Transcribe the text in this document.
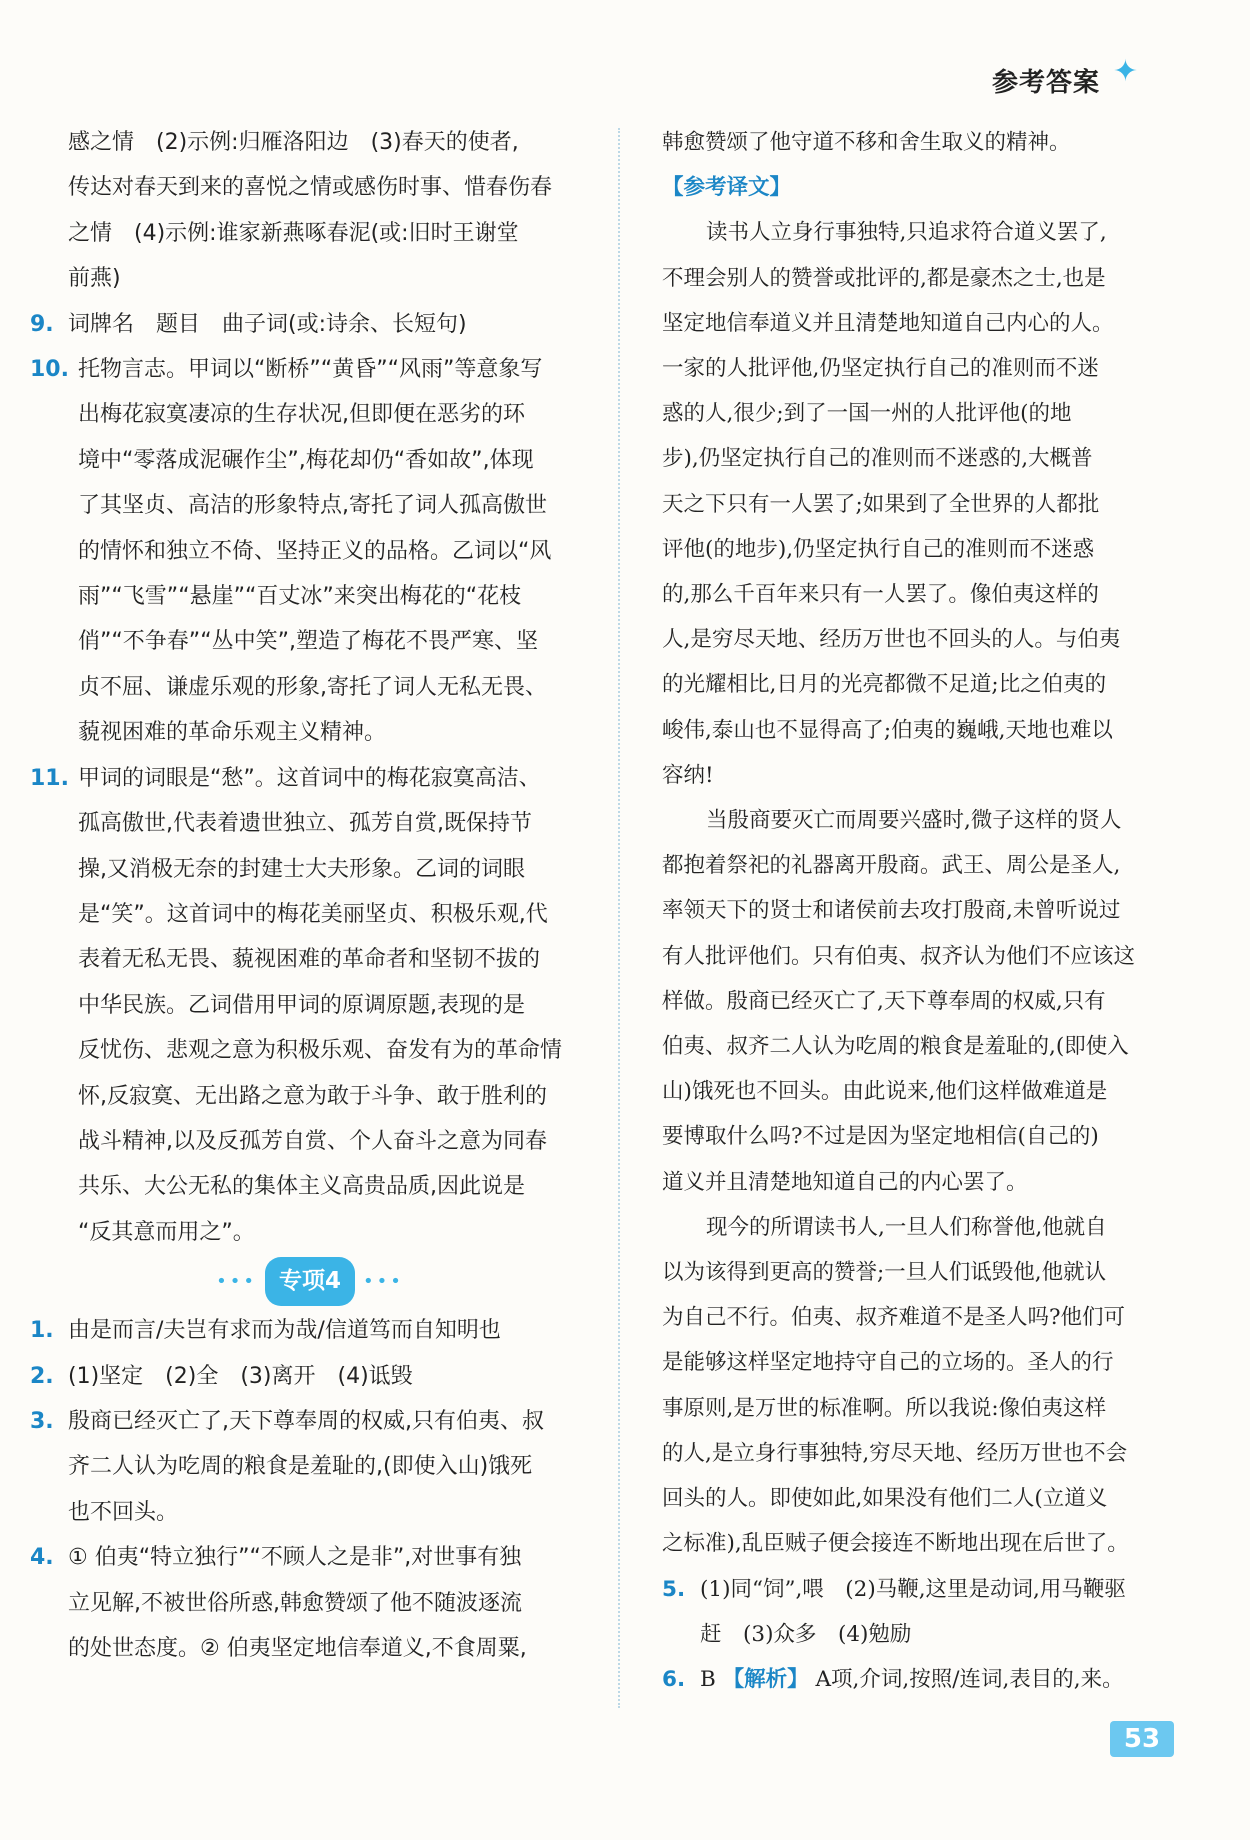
参考答案 ✦

感之情　(2)示例:归雁洛阳边　(3)春天的使者,

传达对春天到来的喜悦之情或感伤时事、惜春伤春

之情　(4)示例:谁家新燕啄春泥(或:旧时王谢堂

前燕)

9. 词牌名　题目　曲子词(或:诗余、长短句)
10. 托物言志。甲词以“断桥”“黄昏”“风雨”等意象写

出梅花寂寞凄凉的生存状况,但即便在恶劣的环

境中“零落成泥碾作尘”,梅花却仍“香如故”,体现

了其坚贞、高洁的形象特点,寄托了词人孤高傲世

的情怀和独立不倚、坚持正义的品格。乙词以“风

雨”“飞雪”“悬崖”“百丈冰”来突出梅花的“花枝

俏”“不争春”“丛中笑”,塑造了梅花不畏严寒、坚

贞不屈、谦虚乐观的形象,寄托了词人无私无畏、

藐视困难的革命乐观主义精神。

11. 甲词的词眼是“愁”。这首词中的梅花寂寞高洁、

孤高傲世,代表着遗世独立、孤芳自赏,既保持节

操,又消极无奈的封建士大夫形象。乙词的词眼

是“笑”。这首词中的梅花美丽坚贞、积极乐观,代

表着无私无畏、藐视困难的革命者和坚韧不拔的

中华民族。乙词借用甲词的原调原题,表现的是

反忧伤、悲观之意为积极乐观、奋发有为的革命情

怀,反寂寞、无出路之意为敢于斗争、敢于胜利的

战斗精神,以及反孤芳自赏、个人奋斗之意为同春

共乐、大公无私的集体主义高贵品质,因此说是

“反其意而用之”。

••• 专项4	•••
1. 由是而言/夫岂有求而为哉/信道笃而自知明也
2. (1)坚定　(2)全　(3)离开　(4)诋毁
3. 殷商已经灭亡了,天下尊奉周的权威,只有伯夷、叔

齐二人认为吃周的粮食是羞耻的,(即使入山)饿死

也不回头。

4. ① 伯夷“特立独行”“不顾人之是非”,对世事有独

立见解,不被世俗所惑,韩愈赞颂了他不随波逐流

的处世态度。② 伯夷坚定地信奉道义,不食周粟,

韩愈赞颂了他守道不移和舍生取义的精神。

【参考译文】

读书人立身行事独特,只追求符合道义罢了,

不理会别人的赞誉或批评的,都是豪杰之士,也是

坚定地信奉道义并且清楚地知道自己内心的人。

一家的人批评他,仍坚定执行自己的准则而不迷

惑的人,很少;到了一国一州的人批评他(的地

步),仍坚定执行自己的准则而不迷惑的,大概普

天之下只有一人罢了;如果到了全世界的人都批

评他(的地步),仍坚定执行自己的准则而不迷惑

的,那么千百年来只有一人罢了。像伯夷这样的

人,是穷尽天地、经历万世也不回头的人。与伯夷

的光耀相比,日月的光亮都微不足道;比之伯夷的

峻伟,泰山也不显得高了;伯夷的巍峨,天地也难以

容纳!

当殷商要灭亡而周要兴盛时,微子这样的贤人

都抱着祭祀的礼器离开殷商。武王、周公是圣人,

率领天下的贤士和诸侯前去攻打殷商,未曾听说过

有人批评他们。只有伯夷、叔齐认为他们不应该这

样做。殷商已经灭亡了,天下尊奉周的权威,只有

伯夷、叔齐二人认为吃周的粮食是羞耻的,(即使入

山)饿死也不回头。由此说来,他们这样做难道是

要博取什么吗?不过是因为坚定地相信(自己的)

道义并且清楚地知道自己的内心罢了。

现今的所谓读书人,一旦人们称誉他,他就自

以为该得到更高的赞誉;一旦人们诋毁他,他就认

为自己不行。伯夷、叔齐难道不是圣人吗?他们可

是能够这样坚定地持守自己的立场的。圣人的行

事原则,是万世的标准啊。所以我说:像伯夷这样

的人,是立身行事独特,穷尽天地、经历万世也不会

回头的人。即使如此,如果没有他们二人(立道义

之标准),乱臣贼子便会接连不断地出现在后世了。

5. (1)同“饲”,喂　(2)马鞭,这里是动词,用马鞭驱

赶　(3)众多　(4)勉励

6. B 【解析】 A项,介词,按照/连词,表目的,来。
53
